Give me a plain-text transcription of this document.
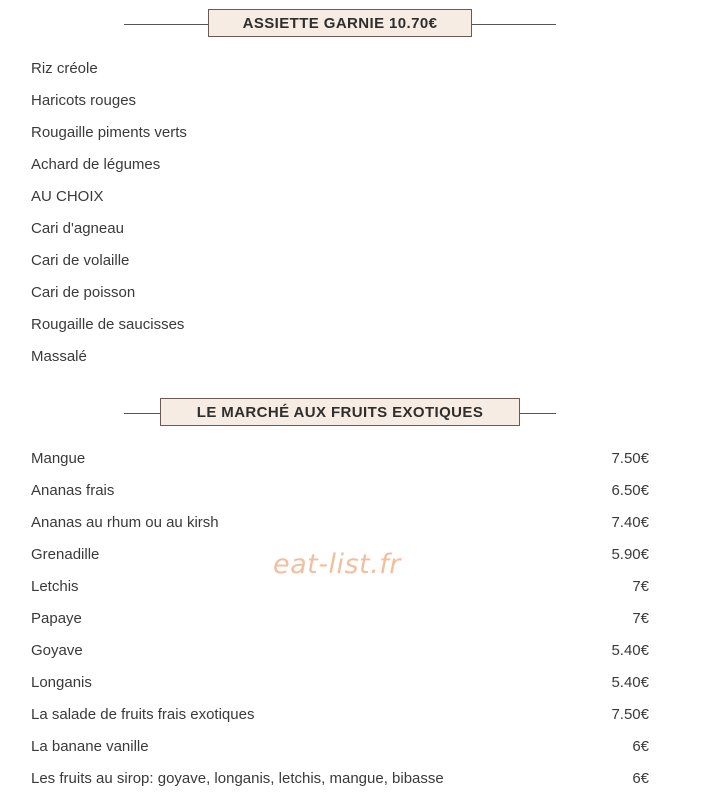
ASSIETTE GARNIE 10.70€
Riz créole
Haricots rouges
Rougaille piments verts
Achard de légumes
AU CHOIX
Cari d'agneau
Cari de volaille
Cari de poisson
Rougaille de saucisses
Massalé
LE MARCHÉ AUX FRUITS EXOTIQUES
Mangue	7.50€
Ananas frais	6.50€
Ananas au rhum ou au kirsh	7.40€
Grenadille	5.90€
Letchis	7€
Papaye	7€
Goyave	5.40€
Longanis	5.40€
La salade de fruits frais exotiques	7.50€
La banane vanille	6€
Les fruits au sirop: goyave, longanis, letchis, mangue, bibasse	6€
eat-list.fr
